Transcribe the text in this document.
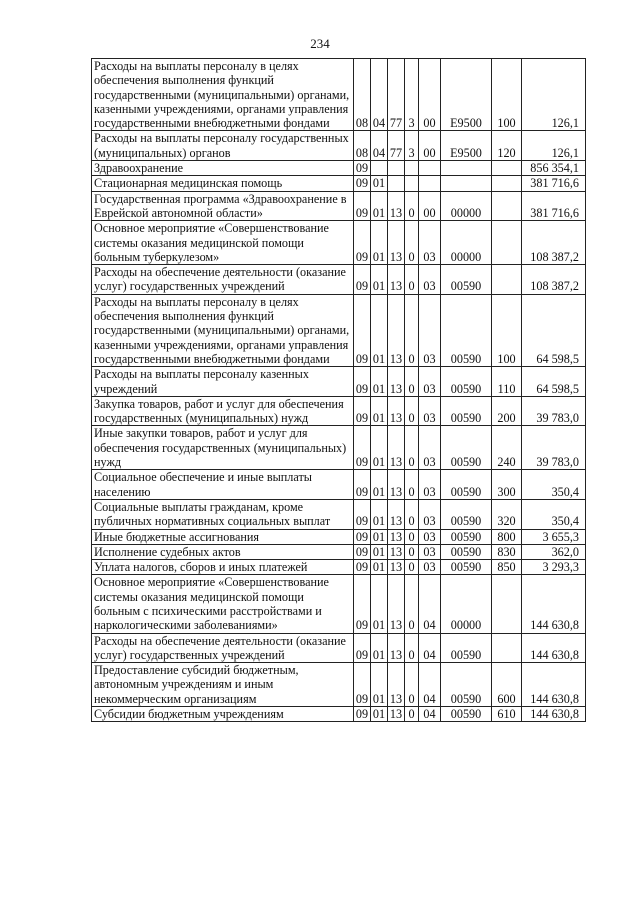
234
Расходы на выплаты персоналу в целях обеспечения выполнения функций государственными (муниципальными) органами, казенными учреждениями, органами управления государственными внебюджетными фондами	08	04	77	3	00	Е9500	100	126,1
Расходы на выплаты персоналу государственных (муниципальных) органов	08	04	77	3	00	Е9500	120	126,1
Здравоохранение	09							856 354,1
Стационарная медицинская помощь	09	01						381 716,6
Государственная программа «Здравоохранение в Еврейской автономной области»	09	01	13	0	00	00000		381 716,6
Основное мероприятие «Совершенствование системы оказания медицинской помощи больным туберкулезом»	09	01	13	0	03	00000		108 387,2
Расходы на обеспечение деятельности (оказание услуг) государственных учреждений	09	01	13	0	03	00590		108 387,2
Расходы на выплаты персоналу в целях обеспечения выполнения функций государственными (муниципальными) органами, казенными учреждениями, органами управления государственными внебюджетными фондами	09	01	13	0	03	00590	100	64 598,5
Расходы на выплаты персоналу казенных учреждений	09	01	13	0	03	00590	110	64 598,5
Закупка товаров, работ и услуг для обеспечения государственных (муниципальных) нужд	09	01	13	0	03	00590	200	39 783,0
Иные закупки товаров, работ и услуг для обеспечения государственных (муниципальных) нужд	09	01	13	0	03	00590	240	39 783,0
Социальное обеспечение и иные выплаты населению	09	01	13	0	03	00590	300	350,4
Социальные выплаты гражданам, кроме публичных нормативных социальных выплат	09	01	13	0	03	00590	320	350,4
Иные бюджетные ассигнования	09	01	13	0	03	00590	800	3 655,3
Исполнение судебных актов	09	01	13	0	03	00590	830	362,0
Уплата налогов, сборов и иных платежей	09	01	13	0	03	00590	850	3 293,3
Основное мероприятие «Совершенствование системы оказания медицинской помощи больным с психическими расстройствами и наркологическими заболеваниями»	09	01	13	0	04	00000		144 630,8
Расходы на обеспечение деятельности (оказание услуг) государственных учреждений	09	01	13	0	04	00590		144 630,8
Предоставление субсидий бюджетным, автономным учреждениям и иным некоммерческим организациям	09	01	13	0	04	00590	600	144 630,8
Субсидии бюджетным учреждениям	09	01	13	0	04	00590	610	144 630,8
